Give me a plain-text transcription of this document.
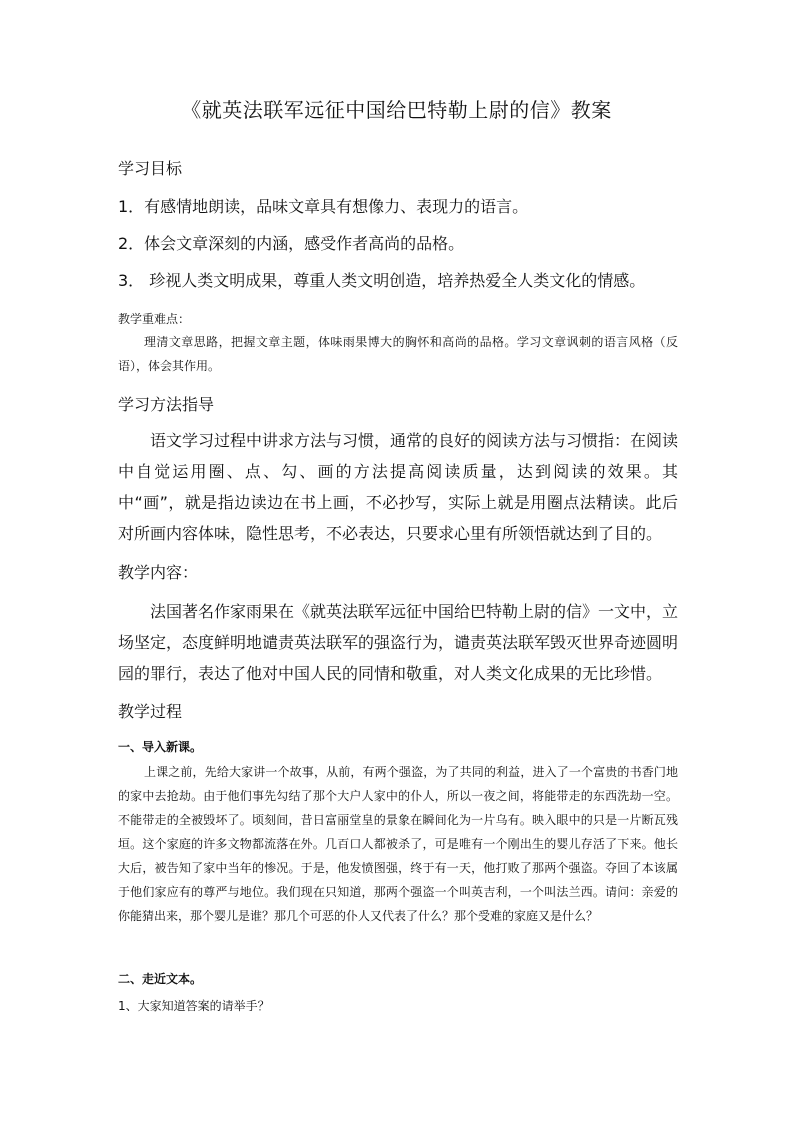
《就英法联军远征中国给巴特勒上尉的信》教案
学习目标
1．有感情地朗读，品味文章具有想像力、表现力的语言。
2．体会文章深刻的内涵，感受作者高尚的品格。
3． 珍视人类文明成果，尊重人类文明创造，培养热爱全人类文化的情感。
教学重难点：
理清文章思路，把握文章主题，体味雨果博大的胸怀和高尚的品格。学习文章讽刺的语言风格（反语），体会其作用。
学习方法指导
语文学习过程中讲求方法与习惯，通常的良好的阅读方法与习惯指：在阅读中自觉运用圈、点、勾、画的方法提高阅读质量，达到阅读的效果。其中“画”，就是指边读边在书上画，不必抄写，实际上就是用圈点法精读。此后对所画内容体味，隐性思考，不必表达，只要求心里有所领悟就达到了目的。
教学内容：
法国著名作家雨果在《就英法联军远征中国给巴特勒上尉的信》一文中，立场坚定，态度鲜明地谴责英法联军的强盗行为，谴责英法联军毁灭世界奇迹圆明园的罪行，表达了他对中国人民的同情和敬重，对人类文化成果的无比珍惜。
教学过程
一、导入新课。
上课之前，先给大家讲一个故事，从前，有两个强盗，为了共同的利益，进入了一个富贵的书香门地的家中去抢劫。由于他们事先勾结了那个大户人家中的仆人，所以一夜之间，将能带走的东西洗劫一空。不能带走的全被毁坏了。顷刻间，昔日富丽堂皇的景象在瞬间化为一片乌有。映入眼中的只是一片断瓦残垣。这个家庭的许多文物都流落在外。几百口人都被杀了，可是唯有一个刚出生的婴儿存活了下来。他长大后，被告知了家中当年的惨况。于是，他发愤图强，终于有一天，他打败了那两个强盗。夺回了本该属于他们家应有的尊严与地位。我们现在只知道，那两个强盗一个叫英吉利，一个叫法兰西。请问：亲爱的你能猜出来，那个婴儿是谁？那几个可恶的仆人又代表了什么？那个受难的家庭又是什么？
二、走近文本。
1、大家知道答案的请举手？
